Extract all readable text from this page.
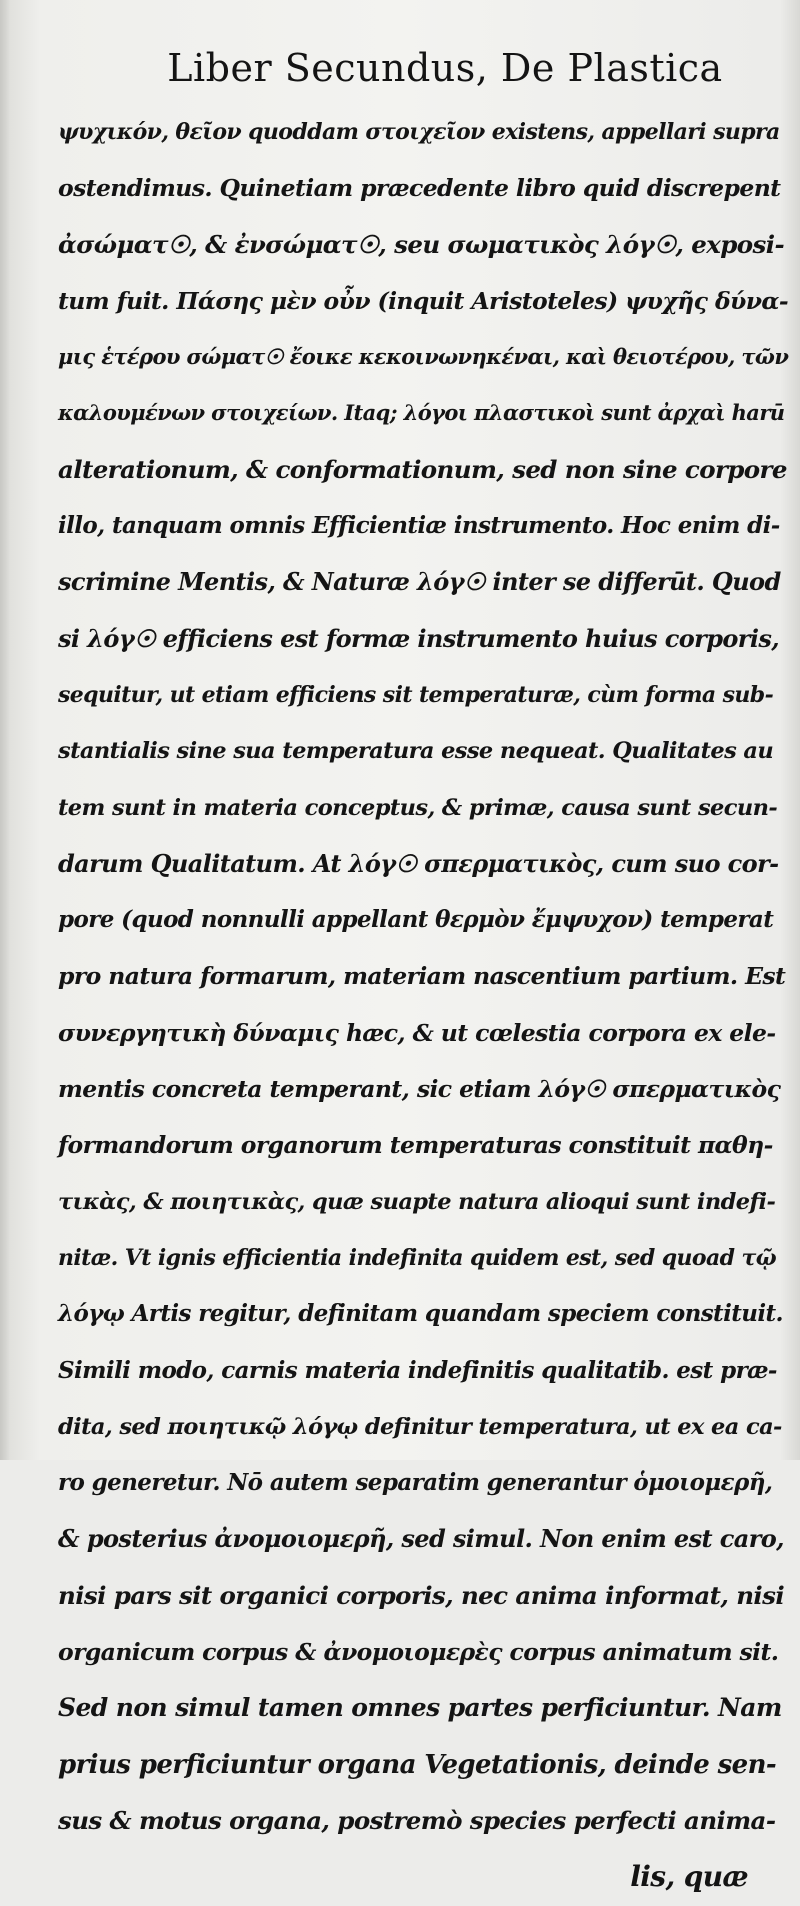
Liber Secundus, De Plastica
ψυχικόν, θεῖον quoddam στοιχεῖον existens, appellari supra
ostendimus. Quinetiam præcedente libro quid discrepent
ἀσώματ☉, & ἐνσώματ☉, seu σωματικὸς λόγ☉, exposi-
tum fuit. Πάσης μὲν οὖν (inquit Aristoteles) ψυχῆς δύνα-
μις ἑτέρου σώματ☉ ἔοικε κεκοινωνηκέναι, καὶ θειοτέρου, τῶν
καλουμένων στοιχείων. Itaq; λόγοι πλαστικοὶ sunt ἀρχαὶ harū
alterationum, & conformationum, sed non sine corpore
illo, tanquam omnis Efficientiæ instrumento. Hoc enim di-
scrimine Mentis, & Naturæ λόγ☉ inter se differūt. Quod
si λόγ☉ efficiens est formæ instrumento huius corporis,
sequitur, ut etiam efficiens sit temperaturæ, cùm forma sub-
stantialis sine sua temperatura esse nequeat. Qualitates au
tem sunt in materia conceptus, & primæ, causa sunt secun-
darum Qualitatum. At λόγ☉ σπερματικὸς, cum suo cor-
pore (quod nonnulli appellant θερμὸν ἔμψυχον) temperat
pro natura formarum, materiam nascentium partium. Est
συνεργητικὴ δύναμις hæc, & ut cœlestia corpora ex ele-
mentis concreta temperant, sic etiam λόγ☉ σπερματικὸς
formandorum organorum temperaturas constituit παθη-
τικὰς, & ποιητικὰς, quæ suapte natura alioqui sunt indefi-
nitæ. Vt ignis efficientia indefinita quidem est, sed quoad τῷ
λόγῳ Artis regitur, definitam quandam speciem constituit.
Simili modo, carnis materia indefinitis qualitatib. est præ-
dita, sed ποιητικῷ λόγῳ definitur temperatura, ut ex ea ca-
ro generetur. Nō autem separatim generantur ὁμοιομερῆ,
& posterius ἀνομοιομερῆ, sed simul. Non enim est caro,
nisi pars sit organici corporis, nec anima informat, nisi
organicum corpus & ἀνομοιομερὲς corpus animatum sit.
Sed non simul tamen omnes partes perficiuntur. Nam
prius perficiuntur organa Vegetationis, deinde sen-
sus & motus organa, postremò species perfecti anima-
lis, quæ
